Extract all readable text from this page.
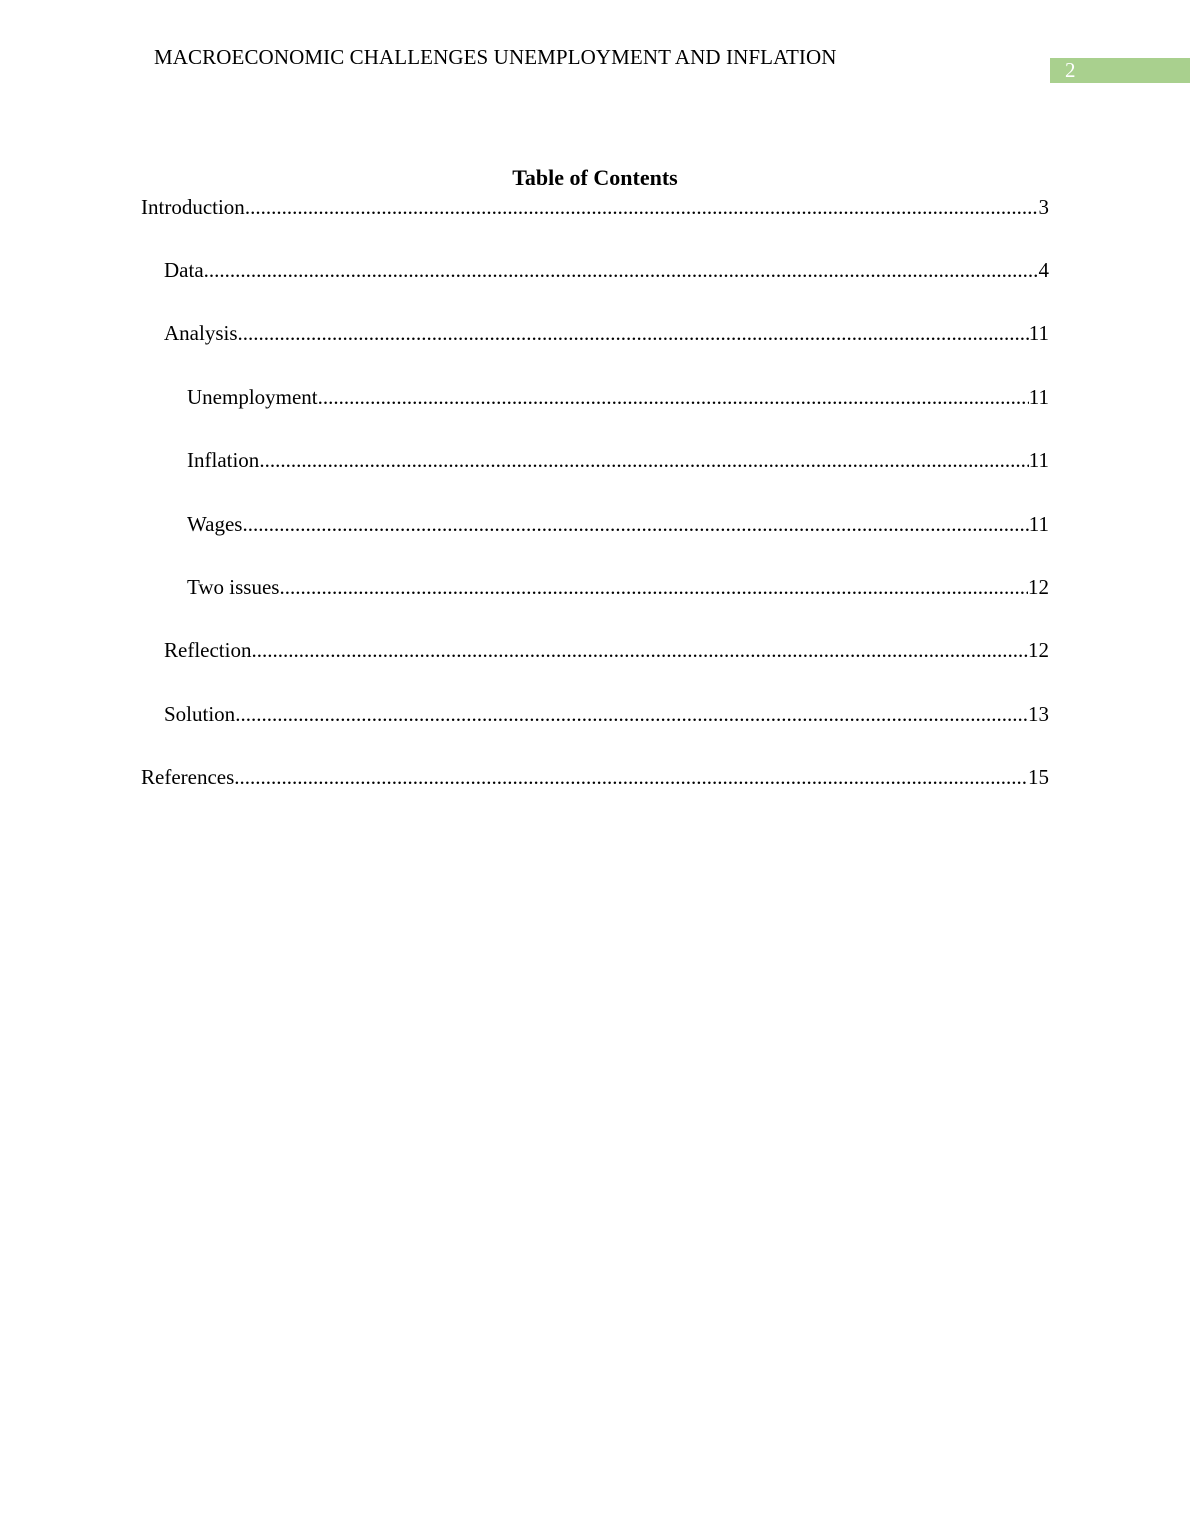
MACROECONOMIC CHALLENGES UNEMPLOYMENT AND INFLATION
2
Table of Contents
Introduction .....	3
Data .....	4
Analysis .....	11
Unemployment .....	11
Inflation .....	11
Wages .....	11
Two issues .....	12
Reflection .....	12
Solution .....	13
References .....	15
